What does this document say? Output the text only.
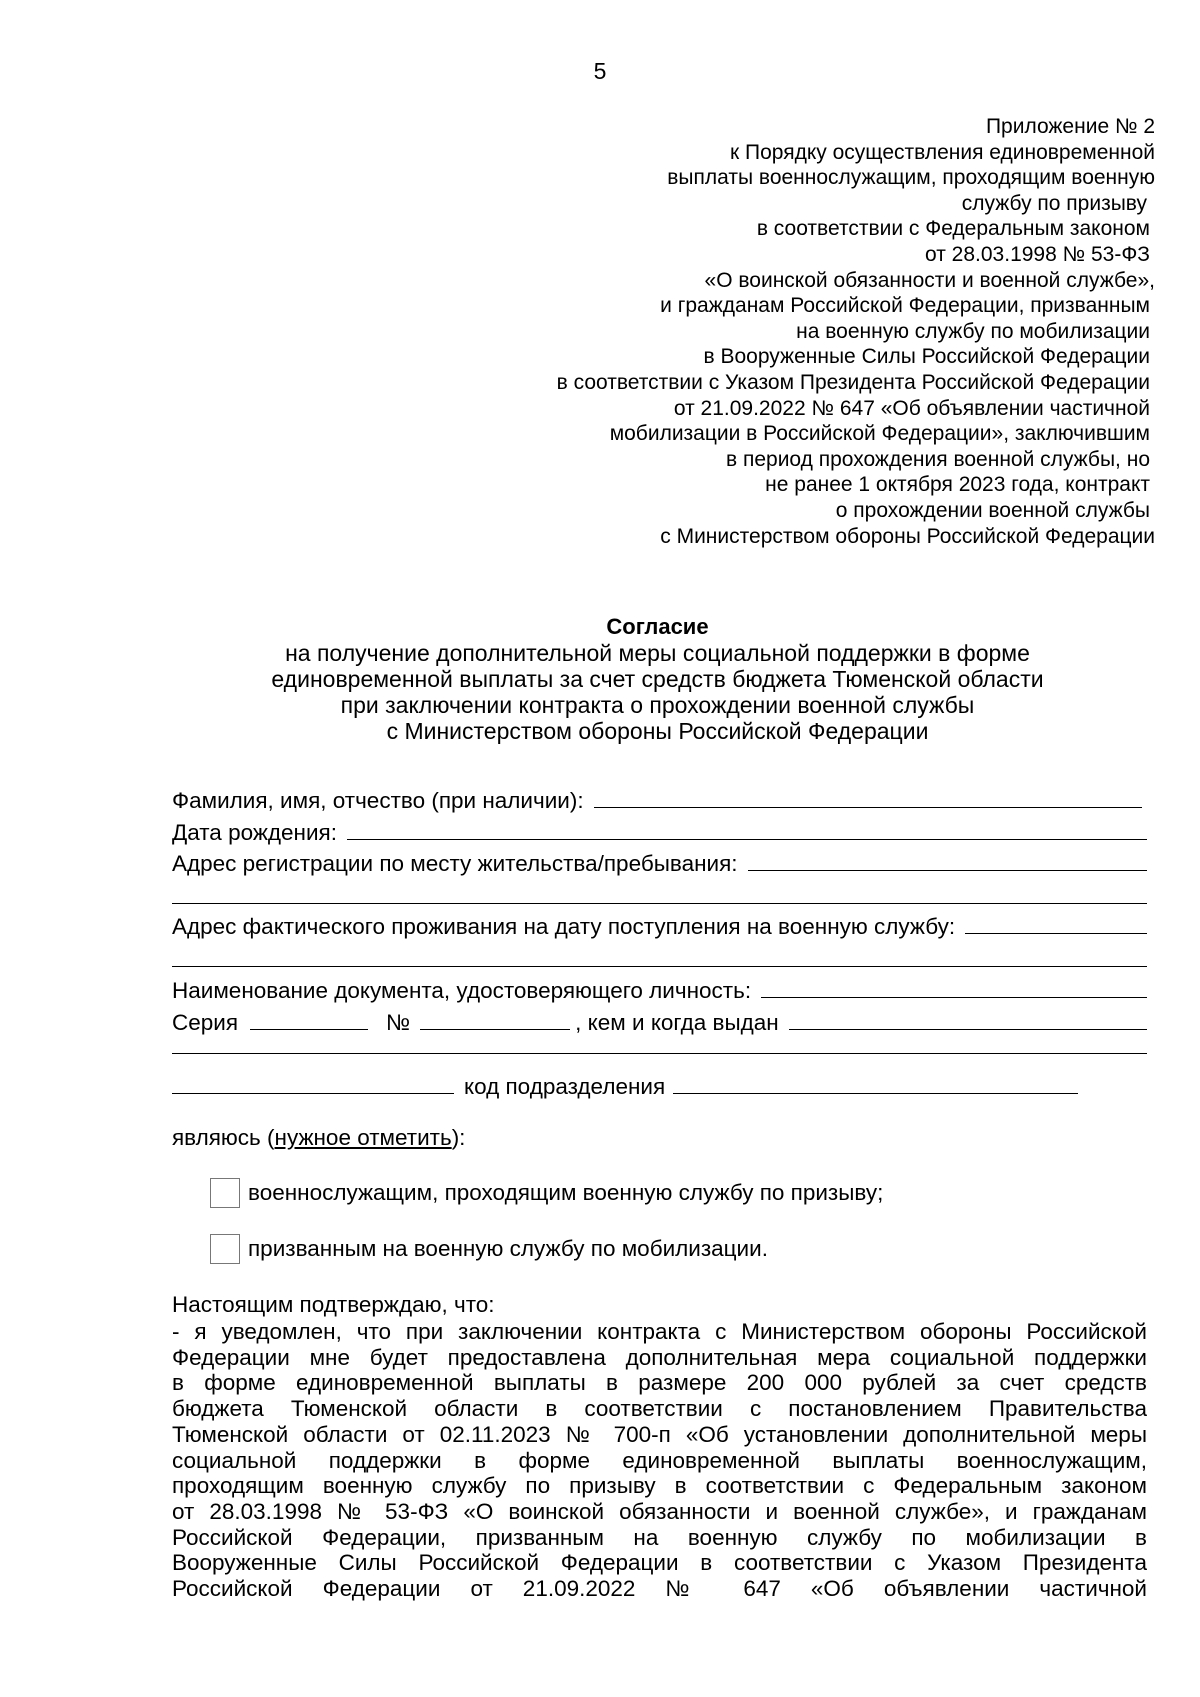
5
Приложение № 2
к Порядку осуществления единовременной
выплаты военнослужащим, проходящим военную
службу по призыву
в соответствии с Федеральным законом
от 28.03.1998 № 53-ФЗ
«О воинской обязанности и военной службе»,
и гражданам Российской Федерации, призванным
на военную службу по мобилизации
в Вооруженные Силы Российской Федерации
в соответствии с Указом Президента Российской Федерации
от 21.09.2022 № 647 «Об объявлении частичной
мобилизации в Российской Федерации», заключившим
в период прохождения военной службы, но
не ранее 1 октября 2023 года, контракт
о прохождении военной службы
с Министерством обороны Российской Федерации
Согласие
на получение дополнительной меры социальной поддержки в форме
единовременной выплаты за счет средств бюджета Тюменской области
при заключении контракта о прохождении военной службы
с Министерством обороны Российской Федерации
Фамилия, имя, отчество (при наличии):
Дата рождения:
Адрес регистрации по месту жительства/пребывания:
Адрес фактического проживания на дату поступления на военную службу:
Наименование документа, удостоверяющего личность:
Серия	№	, кем и когда выдан
код подразделения
являюсь (нужное отметить):
военнослужащим, проходящим военную службу по призыву;
призванным на военную службу по мобилизации.
Настоящим подтверждаю, что:
- я уведомлен, что при заключении контракта с Министерством обороны Российской
Федерации мне будет предоставлена дополнительная мера социальной поддержки
в форме единовременной выплаты в размере 200 000 рублей за счет средств
бюджета Тюменской области в соответствии с постановлением Правительства
Тюменской области от 02.11.2023 № 700-п «Об установлении дополнительной меры
социальной поддержки в форме единовременной выплаты военнослужащим,
проходящим военную службу по призыву в соответствии с Федеральным законом
от 28.03.1998 № 53-ФЗ «О воинской обязанности и военной службе», и гражданам
Российской Федерации, призванным на военную службу по мобилизации в
Вооруженные Силы Российской Федерации в соответствии с Указом Президента
Российской Федерации от 21.09.2022 № 647 «Об объявлении частичной
